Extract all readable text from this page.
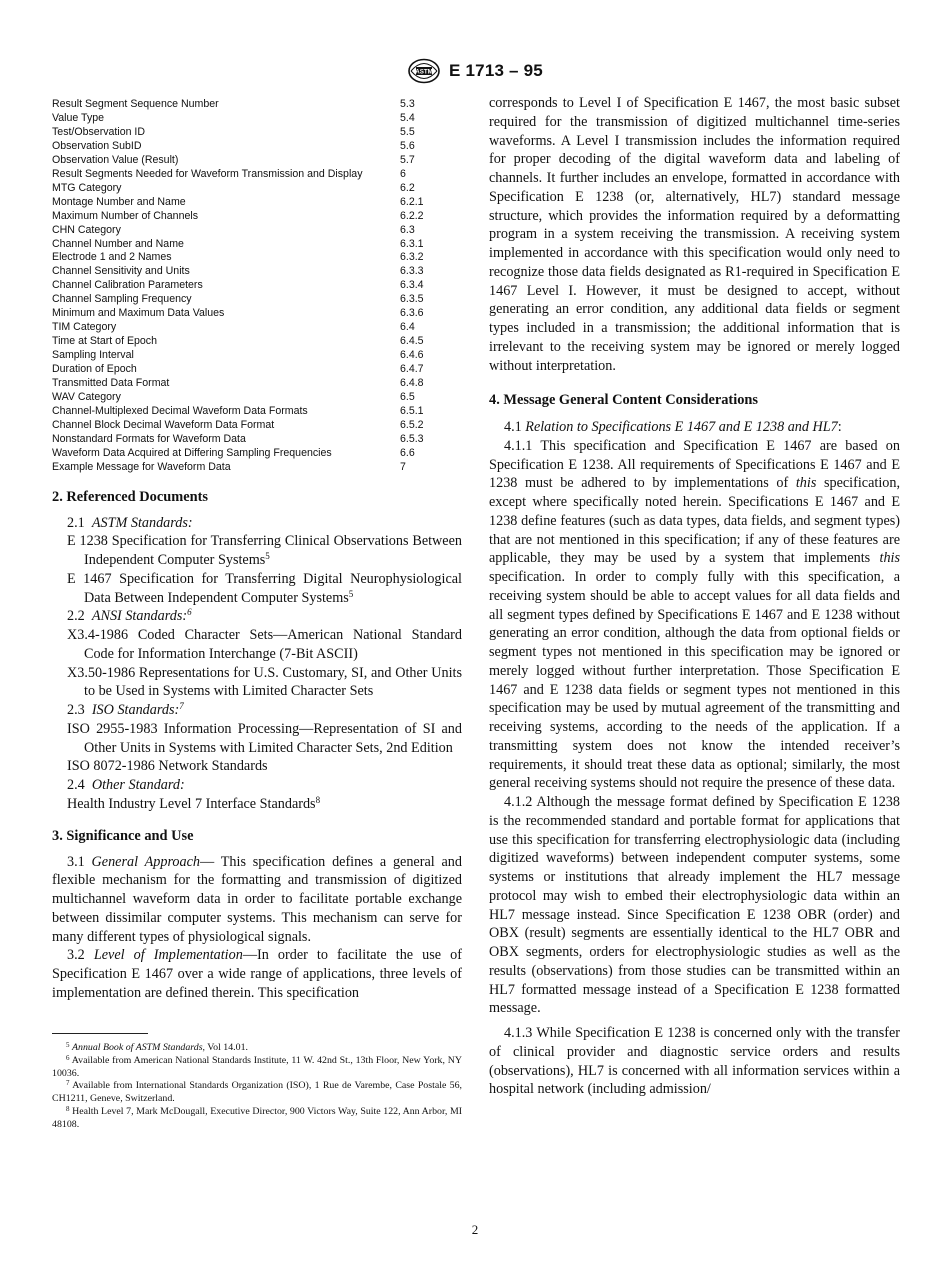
ASTM E 1713 – 95
Result Segment Sequence Number	5.3
Value Type	5.4
Test/Observation ID	5.5
Observation SubID	5.6
Observation Value (Result)	5.7
Result Segments Needed for Waveform Transmission and Display	6
MTG Category	6.2
Montage Number and Name	6.2.1
Maximum Number of Channels	6.2.2
CHN Category	6.3
Channel Number and Name	6.3.1
Electrode 1 and 2 Names	6.3.2
Channel Sensitivity and Units	6.3.3
Channel Calibration Parameters	6.3.4
Channel Sampling Frequency	6.3.5
Minimum and Maximum Data Values	6.3.6
TIM Category	6.4
Time at Start of Epoch	6.4.5
Sampling Interval	6.4.6
Duration of Epoch	6.4.7
Transmitted Data Format	6.4.8
WAV Category	6.5
Channel-Multiplexed Decimal Waveform Data Formats	6.5.1
Channel Block Decimal Waveform Data Format	6.5.2
Nonstandard Formats for Waveform Data	6.5.3
Waveform Data Acquired at Differing Sampling Frequencies	6.6
Example Message for Waveform Data	7
2. Referenced Documents

2.1 ASTM Standards:

E 1238 Specification for Transferring Clinical Observations Between Independent Computer Systems$^5$

E 1467 Specification for Transferring Digital Neurophysiological Data Between Independent Computer Systems$^5$

2.2 ANSI Standards:$^6$

X3.4-1986 Coded Character Sets—American National Standard Code for Information Interchange (7-Bit ASCII)

X3.50-1986 Representations for U.S. Customary, SI, and Other Units to be Used in Systems with Limited Character Sets

2.3 ISO Standards:$^7$

ISO 2955-1983 Information Processing—Representation of SI and Other Units in Systems with Limited Character Sets, 2nd Edition

ISO 8072-1986 Network Standards

2.4 Other Standard:

Health Industry Level 7 Interface Standards$^8$

3. Significance and Use

3.1 General Approach— This specification defines a general and flexible mechanism for the formatting and transmission of digitized multichannel waveform data in order to facilitate portable exchange between dissimilar computer systems. This mechanism can serve for many different types of physiological signals.

3.2 Level of Implementation—In order to facilitate the use of Specification E 1467 over a wide range of applications, three levels of implementation are defined therein. This specification

$^5$ Annual Book of ASTM Standards, Vol 14.01.

$^6$ Available from American National Standards Institute, 11 W. 42nd St., 13th Floor, New York, NY 10036.

$^7$ Available from International Standards Organization (ISO), 1 Rue de Varembe, Case Postale 56, CH1211, Geneve, Switzerland.

$^8$ Health Level 7, Mark McDougall, Executive Director, 900 Victors Way, Suite 122, Ann Arbor, MI 48108.

corresponds to Level I of Specification E 1467, the most basic subset required for the transmission of digitized multichannel time-series waveforms. A Level I transmission includes the information required for proper decoding of the digital waveform data and labeling of channels. It further includes an envelope, formatted in accordance with Specification E 1238 (or, alternatively, HL7) standard message structure, which provides the information required by a deformatting program in a system receiving the transmission. A receiving system implemented in accordance with this specification would only need to recognize those data fields designated as R1-required in Specification E 1467 Level I. However, it must be designed to accept, without generating an error condition, any additional data fields or segment types included in a transmission; the additional information that is irrelevant to the receiving system may be ignored or merely logged without interpretation.

4. Message General Content Considerations

4.1 Relation to Specifications E 1467 and E 1238 and HL7:

4.1.1 This specification and Specification E 1467 are based on Specification E 1238. All requirements of Specifications E 1467 and E 1238 must be adhered to by implementations of this specification, except where specifically noted herein. Specifications E 1467 and E 1238 define features (such as data types, data fields, and segment types) that are not mentioned in this specification; if any of these features are applicable, they may be used by a system that implements this specification. In order to comply fully with this specification, a receiving system should be able to accept values for all data fields and all segment types defined by Specifications E 1467 and E 1238 without generating an error condition, although the data from optional fields or segment types not mentioned in this specification may be ignored or merely logged without further interpretation. Those Specification E 1467 and E 1238 data fields or segment types not mentioned in this specification may be used by mutual agreement of the transmitting and receiving systems, according to the needs of the application. If a transmitting system does not know the intended receiver’s requirements, it should treat these data as optional; similarly, the most general receiving systems should not require the presence of these data.

4.1.2 Although the message format defined by Specification E 1238 is the recommended standard and portable format for applications that use this specification for transferring electrophysiologic data (including digitized waveforms) between independent computer systems, some systems or institutions that already implement the HL7 message protocol may wish to embed their electrophysiologic data within an HL7 message instead. Since Specification E 1238 OBR (order) and OBX (result) segments are essentially identical to the HL7 OBR and OBX segments, orders for electrophysiologic studies as well as the results (observations) from those studies can be transmitted within an HL7 formatted message instead of a Specification E 1238 formatted message.

4.1.3 While Specification E 1238 is concerned only with the transfer of clinical provider and diagnostic service orders and results (observations), HL7 is concerned with all information services within a hospital network (including admission/

2
